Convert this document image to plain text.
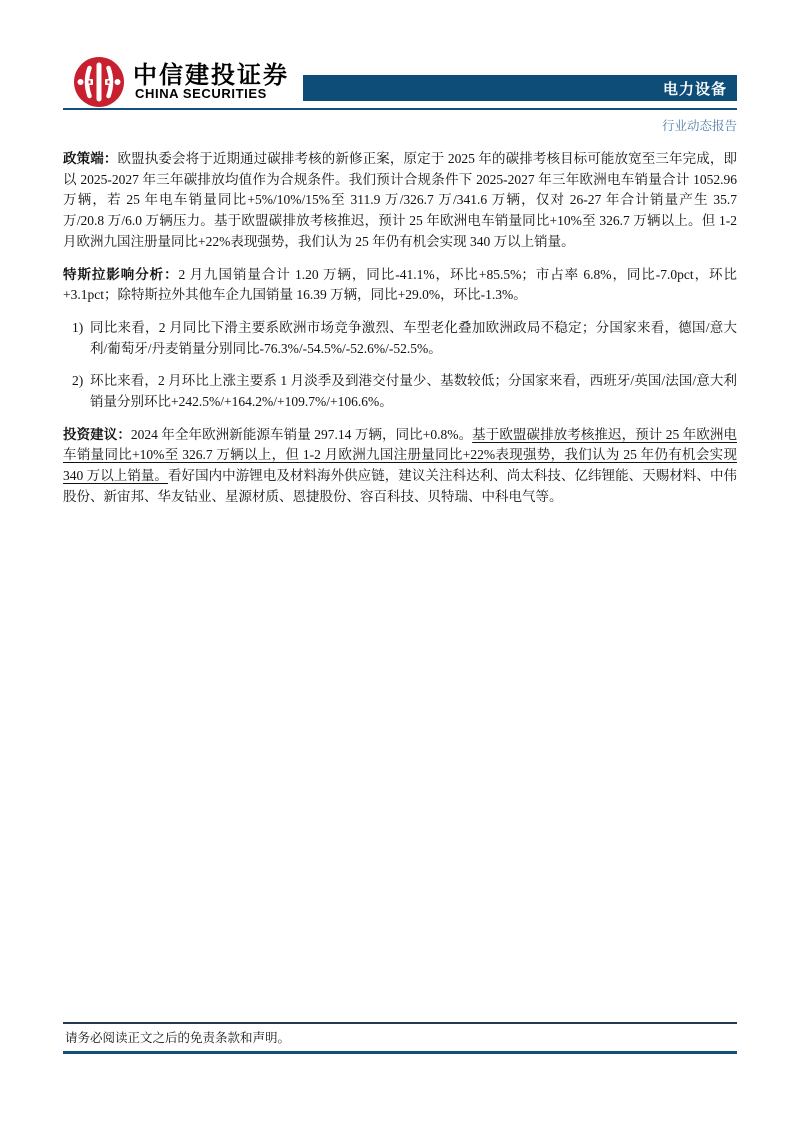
中信建投证券
CHINA SECURITIES	电力设备
行业动态报告

政策端：欧盟执委会将于近期通过碳排考核的新修正案，原定于 2025 年的碳排考核目标可能放宽至三年完成，即以 2025-2027 年三年碳排放均值作为合规条件。我们预计合规条件下 2025-2027 年三年欧洲电车销量合计 1052.96 万辆，若 25 年电车销量同比+5%/10%/15%至 311.9 万/326.7 万/341.6 万辆，仅对 26-27 年合计销量产生 35.7 万/20.8 万/6.0 万辆压力。基于欧盟碳排放考核推迟，预计 25 年欧洲电车销量同比+10%至 326.7 万辆以上。但 1-2 月欧洲九国注册量同比+22%表现强势，我们认为 25 年仍有机会实现 340 万以上销量。

特斯拉影响分析：2 月九国销量合计 1.20 万辆，同比-41.1%，环比+85.5%；市占率 6.8%，同比-7.0pct，环比+3.1pct；除特斯拉外其他车企九国销量 16.39 万辆，同比+29.0%，环比-1.3%。

1) 同比来看，2 月同比下滑主要系欧洲市场竞争激烈、车型老化叠加欧洲政局不稳定；分国家来看，德国/意大利/葡萄牙/丹麦销量分别同比-76.3%/-54.5%/-52.6%/-52.5%。
2) 环比来看，2 月环比上涨主要系 1 月淡季及到港交付量少、基数较低；分国家来看，西班牙/英国/法国/意大利销量分别环比+242.5%/+164.2%/+109.7%/+106.6%。

投资建议：2024 年全年欧洲新能源车销量 297.14 万辆，同比+0.8%。基于欧盟碳排放考核推迟，预计 25 年欧洲电车销量同比+10%至 326.7 万辆以上，但 1-2 月欧洲九国注册量同比+22%表现强势，我们认为 25 年仍有机会实现 340 万以上销量。看好国内中游锂电及材料海外供应链，建议关注科达利、尚太科技、亿纬锂能、天赐材料、中伟股份、新宙邦、华友钴业、星源材质、恩捷股份、容百科技、贝特瑞、中科电气等。

请务必阅读正文之后的免责条款和声明。
